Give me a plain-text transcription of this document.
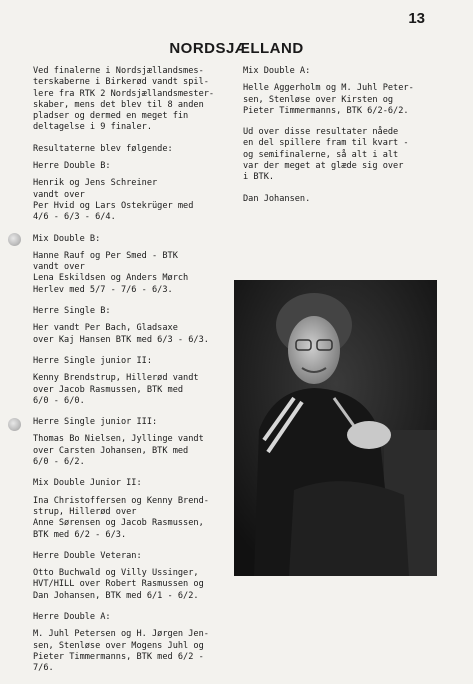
13
NORDSJÆLLAND
Ved finalerne i Nordsjællandsmes-
terskaberne i Birkerød vandt spil-
lere fra RTK 2 Nordsjællandsmester-
skaber, mens det blev til 8 anden
pladser og dermed en meget fin
deltagelse i 9 finaler.
Resultaterne blev følgende:
Herre Double B:
Henrik og Jens Schreiner
vandt over
Per Hvid og Lars Ostekrüger med
4/6 - 6/3 - 6/4.
Mix Double B:
Hanne Rauf og Per Smed - BTK
vandt over
Lena Eskildsen og Anders Mørch
Herlev med 5/7 - 7/6 - 6/3.
Herre Single B:
Her vandt Per Bach, Gladsaxe
over Kaj Hansen BTK med 6/3 - 6/3.
Herre Single junior II:
Kenny Brendstrup, Hillerød vandt
over Jacob Rasmussen, BTK med
6/0 - 6/0.
Herre Single junior III:
Thomas Bo Nielsen, Jyllinge vandt
over Carsten Johansen, BTK med
6/0 - 6/2.
Mix Double Junior II:
Ina Christoffersen og Kenny Brend-
strup, Hillerød over
Anne Sørensen og Jacob Rasmussen,
BTK med 6/2 - 6/3.
Herre Double Veteran:
Otto Buchwald og Villy Ussinger,
HVT/HILL over Robert Rasmussen og
Dan Johansen, BTK med 6/1 - 6/2.
Herre Double A:
M. Juhl Petersen og H. Jørgen Jen-
sen, Stenløse over Mogens Juhl og
Pieter Timmermanns, BTK med 6/2 -
7/6.
Mix Double A:
Helle Aggerholm og M. Juhl Peter-
sen, Stenløse over Kirsten og
Pieter Timmermanns, BTK 6/2-6/2.
Ud over disse resultater nåede
en del spillere fram til kvart -
og semifinalerne, så alt i alt
var der meget at glæde sig over
i BTK.
Dan Johansen.
